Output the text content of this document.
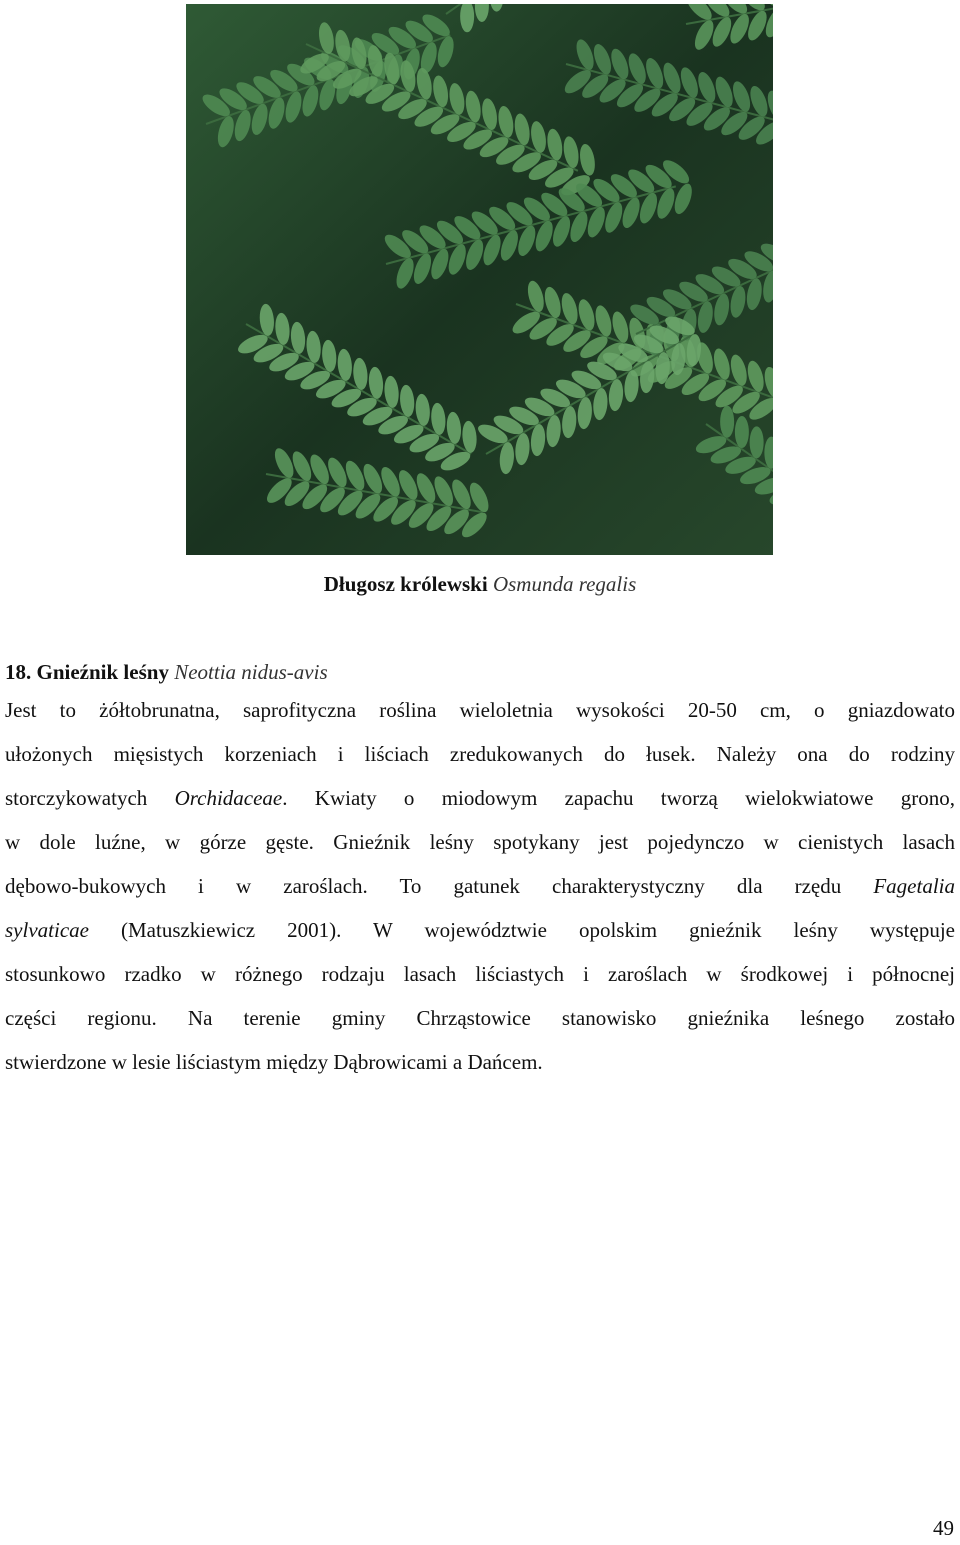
Długosz królewski Osmunda regalis
18. Gnieźnik leśny Neottia nidus-avis
Jest to żółtobrunatna, saprofityczna roślina wieloletnia wysokości 20-50 cm, o gniazdowato
ułożonych mięsistych korzeniach i liściach zredukowanych do łusek. Należy ona do rodziny
storczykowatych Orchidaceae. Kwiaty o miodowym zapachu tworzą wielokwiatowe grono,
w dole luźne, w górze gęste. Gnieźnik leśny spotykany jest pojedynczo w cienistych lasach
dębowo-bukowych i w zaroślach. To gatunek charakterystyczny dla rzędu Fagetalia
sylvaticae (Matuszkiewicz 2001). W województwie opolskim gnieźnik leśny występuje
stosunkowo rzadko w różnego rodzaju lasach liściastych i zaroślach w środkowej i północnej
części regionu. Na terenie gminy Chrząstowice stanowisko gnieźnika leśnego zostało
stwierdzone w lesie liściastym między Dąbrowicami a Dańcem.
49
